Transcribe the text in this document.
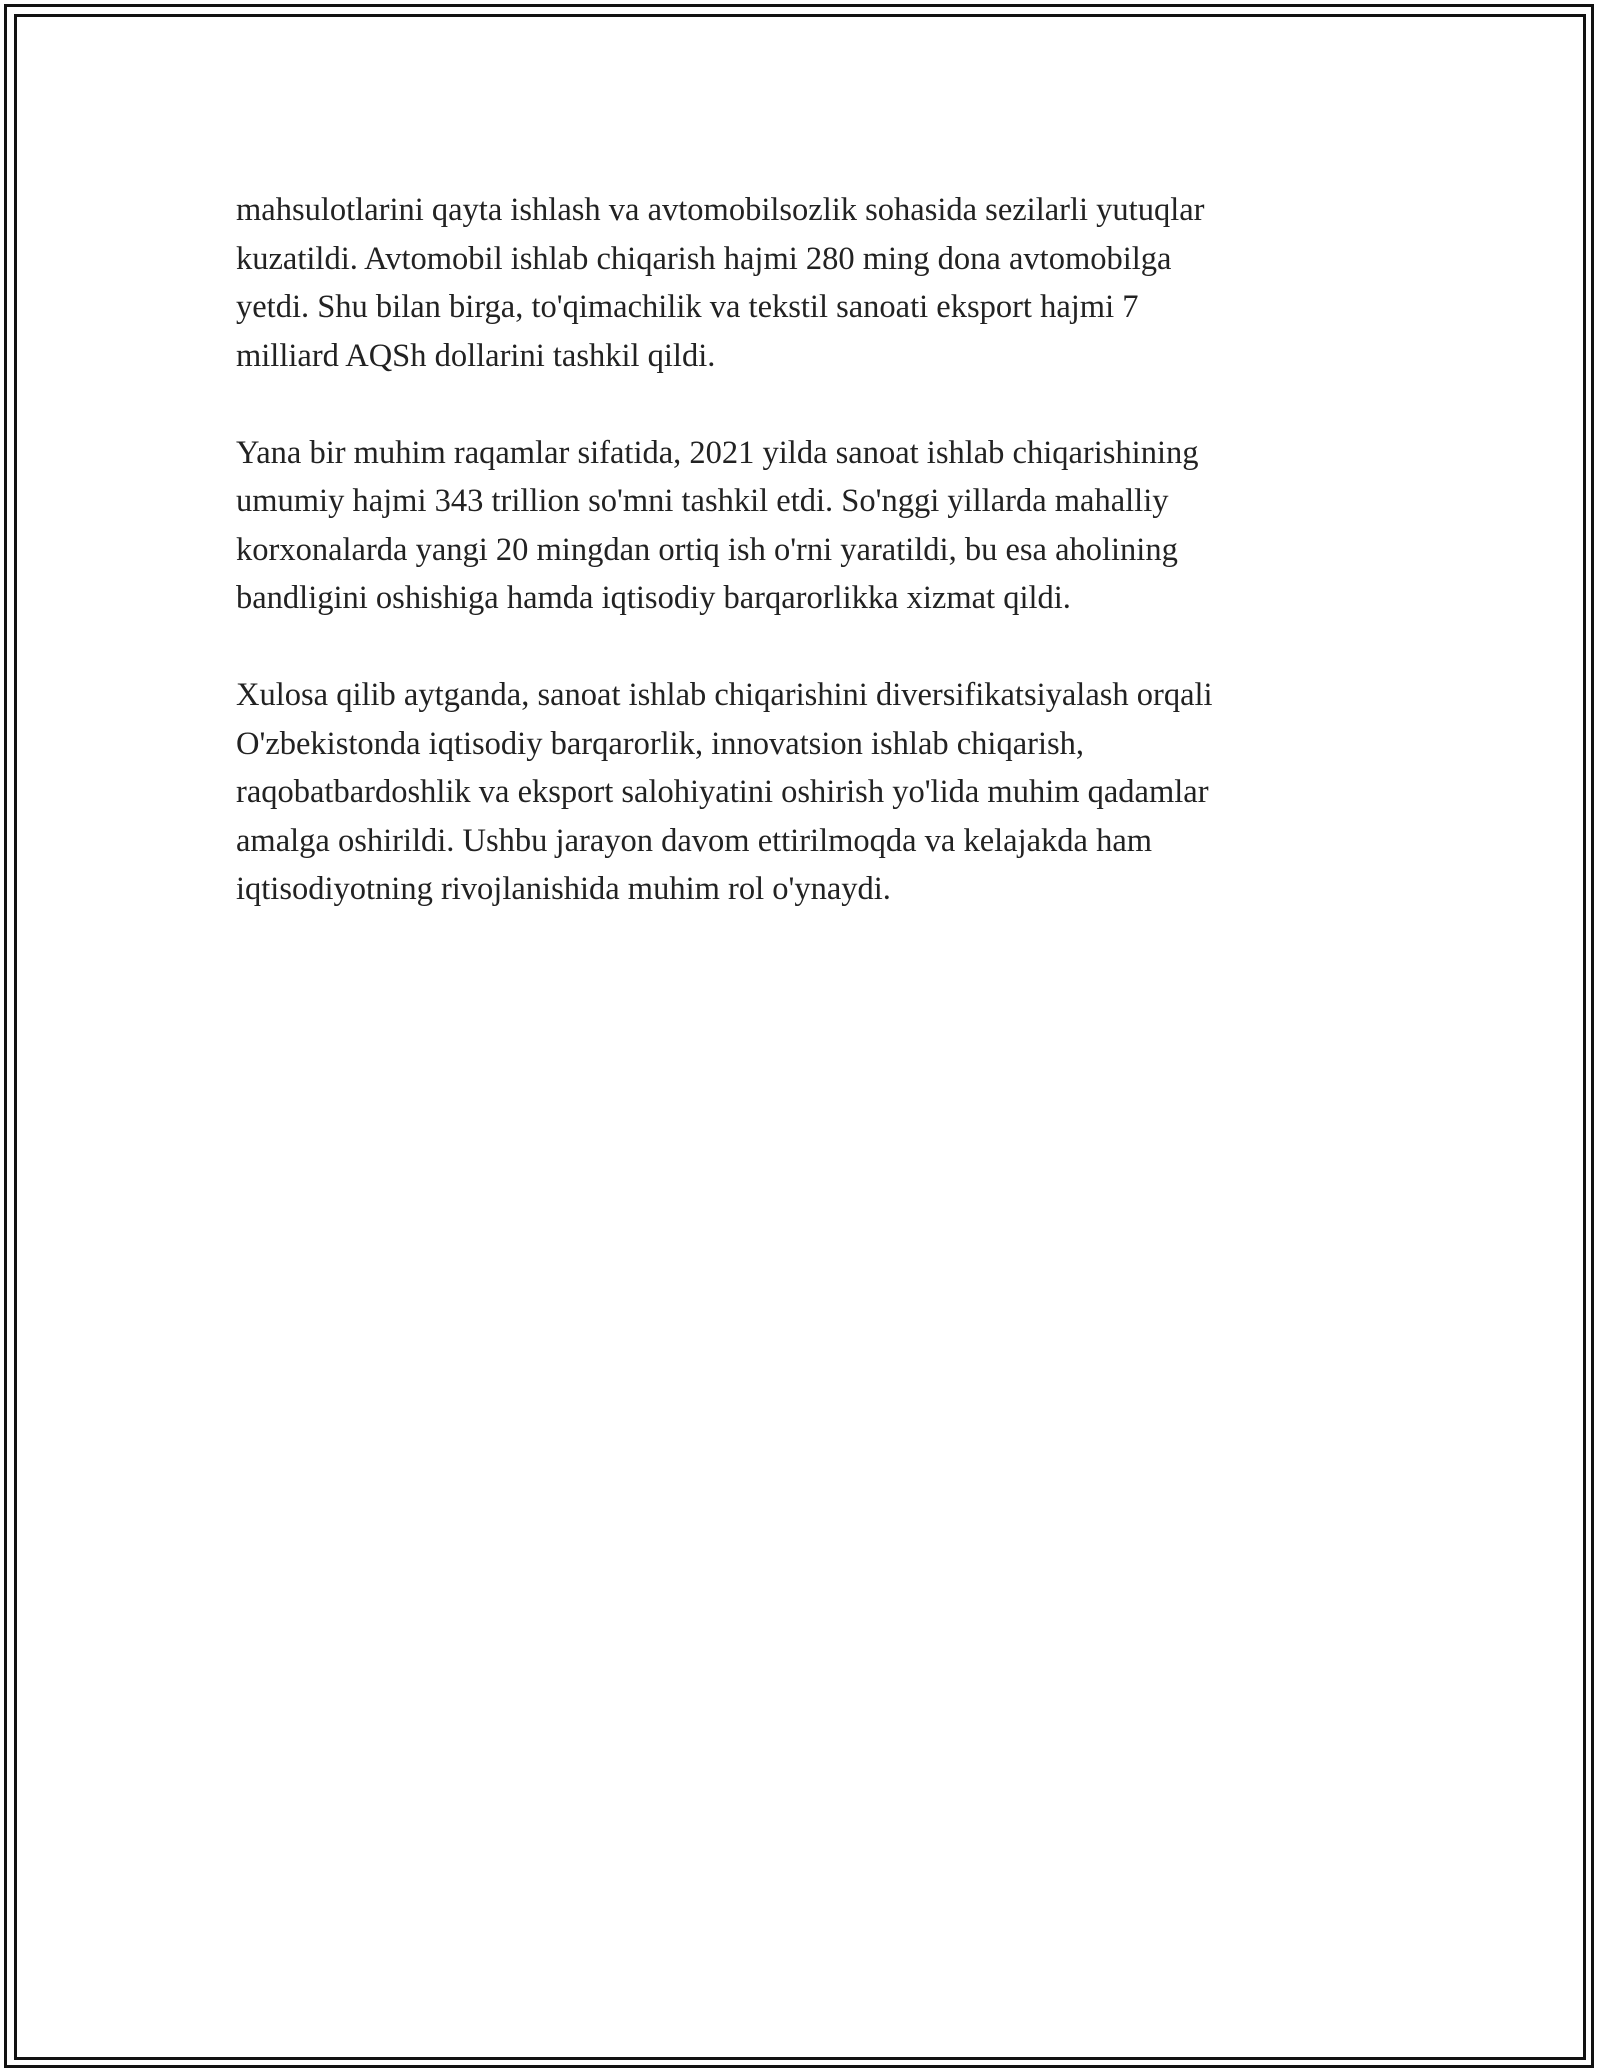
mahsulotlarini qayta ishlash va avtomobilsozlik sohasida sezilarli yutuqlar
kuzatildi. Avtomobil ishlab chiqarish hajmi 280 ming dona avtomobilga
yetdi. Shu bilan birga, to'qimachilik va tekstil sanoati eksport hajmi 7
milliard AQSh dollarini tashkil qildi.

Yana bir muhim raqamlar sifatida, 2021 yilda sanoat ishlab chiqarishining
umumiy hajmi 343 trillion so'mni tashkil etdi. So'nggi yillarda mahalliy
korxonalarda yangi 20 mingdan ortiq ish o'rni yaratildi, bu esa aholining
bandligini oshishiga hamda iqtisodiy barqarorlikka xizmat qildi.

Xulosa qilib aytganda, sanoat ishlab chiqarishini diversifikatsiyalash orqali
O'zbekistonda iqtisodiy barqarorlik, innovatsion ishlab chiqarish,
raqobatbardoshlik va eksport salohiyatini oshirish yo'lida muhim qadamlar
amalga oshirildi. Ushbu jarayon davom ettirilmoqda va kelajakda ham
iqtisodiyotning rivojlanishida muhim rol o'ynaydi.
